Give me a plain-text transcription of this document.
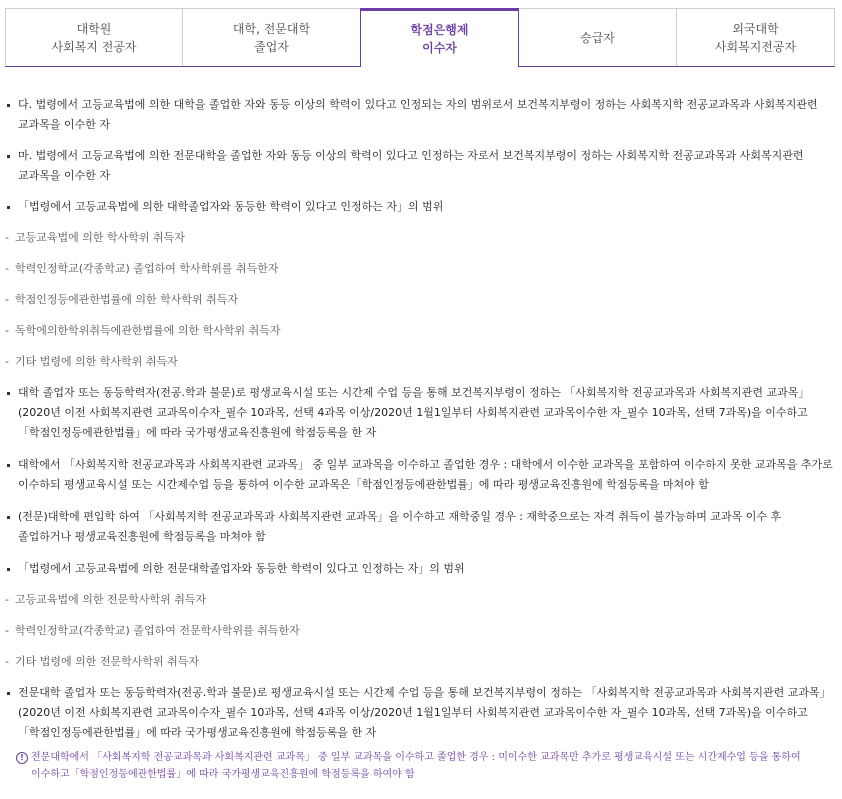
대학원
사회복지 전공자
대학, 전문대학
졸업자
학점은행제
이수자
승급자
외국대학
사회복지전공자
다. 법령에서 고등교육법에 의한 대학을 졸업한 자와 동등 이상의 학력이 있다고 인정되는 자의 범위로서 보건복지부령이 정하는 사회복지학 전공교과목과 사회복지관련 교과목을 이수한 자
마. 법령에서 고등교육법에 의한 전문대학을 졸업한 자와 동등 이상의 학력이 있다고 인정하는 자로서 보건복지부령이 정하는 사회복지학 전공교과목과 사회복지관련 교과목을 이수한 자
「법령에서 고등교육법에 의한 대학졸업자와 동등한 학력이 있다고 인정하는 자」의 범위
- 고등교육법에 의한 학사학위 취득자
- 학력인정학교(각종학교) 졸업하여 학사학위를 취득한자
- 학점인정등에관한법률에 의한 학사학위 취득자
- 독학에의한학위취득에관한법률에 의한 학사학위 취득자
- 기타 법령에 의한 학사학위 취득자
대학 졸업자 또는 동등학력자(전공.학과 불문)로 평생교육시설 또는 시간제 수업 등을 통해 보건복지부령이 정하는 「사회복지학 전공교과목과 사회복지관련 교과목」(2020년 이전 사회복지관련 교과목이수자_필수 10과목, 선택 4과목 이상/2020년 1월1일부터 사회복지관련 교과목이수한 자_필수 10과목, 선택 7과목)을 이수하고 「학점인정등에관한법률」에 따라 국가평생교육진흥원에 학점등록을 한 자
대학에서 「사회복지학 전공교과목과 사회복지관련 교과목」 중 일부 교과목을 이수하고 졸업한 경우 : 대학에서 이수한 교과목을 포함하여 이수하지 못한 교과목을 추가로 이수하되 평생교육시설 또는 시간제수업 등을 통하여 이수한 교과목은「학점인정등에관한법률」에 따라 평생교육진흥원에 학점등록을 마쳐야 함
(전문)대학에 편입학 하여 「사회복지학 전공교과목과 사회복지관련 교과목」을 이수하고 재학중일 경우 : 재학중으로는 자격 취득이 불가능하며 교과목 이수 후 졸업하거나 평생교육진흥원에 학점등록을 마쳐야 함
「법령에서 고등교육법에 의한 전문대학졸업자와 동등한 학력이 있다고 인정하는 자」의 범위
- 고등교육법에 의한 전문학사학위 취득자
- 학력인정학교(각종학교) 졸업하여 전문학사학위를 취득한자
- 기타 법령에 의한 전문학사학위 취득자
전문대학 졸업자 또는 동등학력자(전공.학과 불문)로 평생교육시설 또는 시간제 수업 등을 통해 보건복지부령이 정하는 「사회복지학 전공교과목과 사회복지관련 교과목」(2020년 이전 사회복지관련 교과목이수자_필수 10과목, 선택 4과목 이상/2020년 1월1일부터 사회복지관련 교과목이수한 자_필수 10과목, 선택 7과목)을 이수하고 「학점인정등에관한법률」에 따라 국가평생교육진흥원에 학점등록을 한 자
! 전문대학에서 「사회복지학 전공교과목과 사회복지관련 교과목」 중 일부 교과목을 이수하고 졸업한 경우 : 미이수한 교과목만 추가로 평생교육시설 또는 시간제수업 등을 통하여 이수하고「학점인정등에관한법률」에 따라 국가평생교육진흥원에 학점등록을 하여야 함
